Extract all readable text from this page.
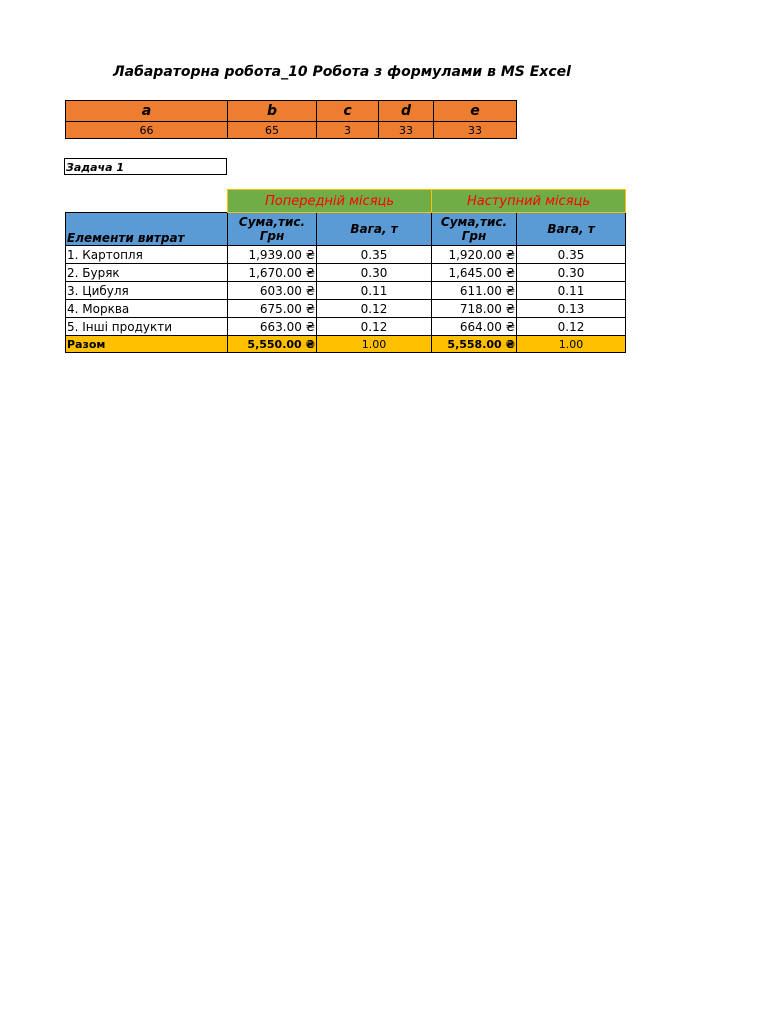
Лабараторна робота_10 Робота з формулами в MS Excel
a	b	c	d	e
66	65	3	33	33
Задача 1
	Попередній місяць		Наступний місяць	
Елементи витрат	Сума,тис. Грн	Вага, т	Сума,тис. Грн	Вага, т
1. Картопля	1,939.00 ₴	0.35	1,920.00 ₴	0.35
2. Буряк	1,670.00 ₴	0.30	1,645.00 ₴	0.30
3. Цибуля	603.00 ₴	0.11	611.00 ₴	0.11
4. Морква	675.00 ₴	0.12	718.00 ₴	0.13
5. Інші продукти	663.00 ₴	0.12	664.00 ₴	0.12
Разом	5,550.00 ₴	1.00	5,558.00 ₴	1.00
